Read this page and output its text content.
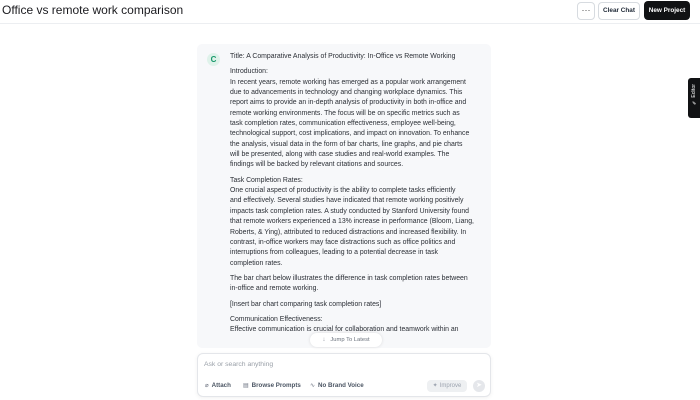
Office vs remote work comparison	···	Clear Chat	New Project
C	Title: A Comparative Analysis of Productivity: In-Office vs Remote Working

Introduction:
In recent years, remote working has emerged as a popular work arrangement
due to advancements in technology and changing workplace dynamics. This
report aims to provide an in-depth analysis of productivity in both in-office and
remote working environments. The focus will be on specific metrics such as
task completion rates, communication effectiveness, employee well-being,
technological support, cost implications, and impact on innovation. To enhance
the analysis, visual data in the form of bar charts, line graphs, and pie charts
will be presented, along with case studies and real-world examples. The
findings will be backed by relevant citations and sources.

Task Completion Rates:
One crucial aspect of productivity is the ability to complete tasks efficiently
and effectively. Several studies have indicated that remote working positively
impacts task completion rates. A study conducted by Stanford University found
that remote workers experienced a 13% increase in performance (Bloom, Liang,
Roberts, & Ying), attributed to reduced distractions and increased flexibility. In
contrast, in-office workers may face distractions such as office politics and
interruptions from colleagues, leading to a potential decrease in task
completion rates.

The bar chart below illustrates the difference in task completion rates between
in-office and remote working.

[Insert bar chart comparing task completion rates]

Communication Effectiveness:
Effective communication is crucial for collaboration and teamwork within an

↓ Jump To Latest
Ask or search anything
⌀ Attach ▤ Browse Prompts ∿ No Brand Voice	✦ Improve	➤
✎ Editor
